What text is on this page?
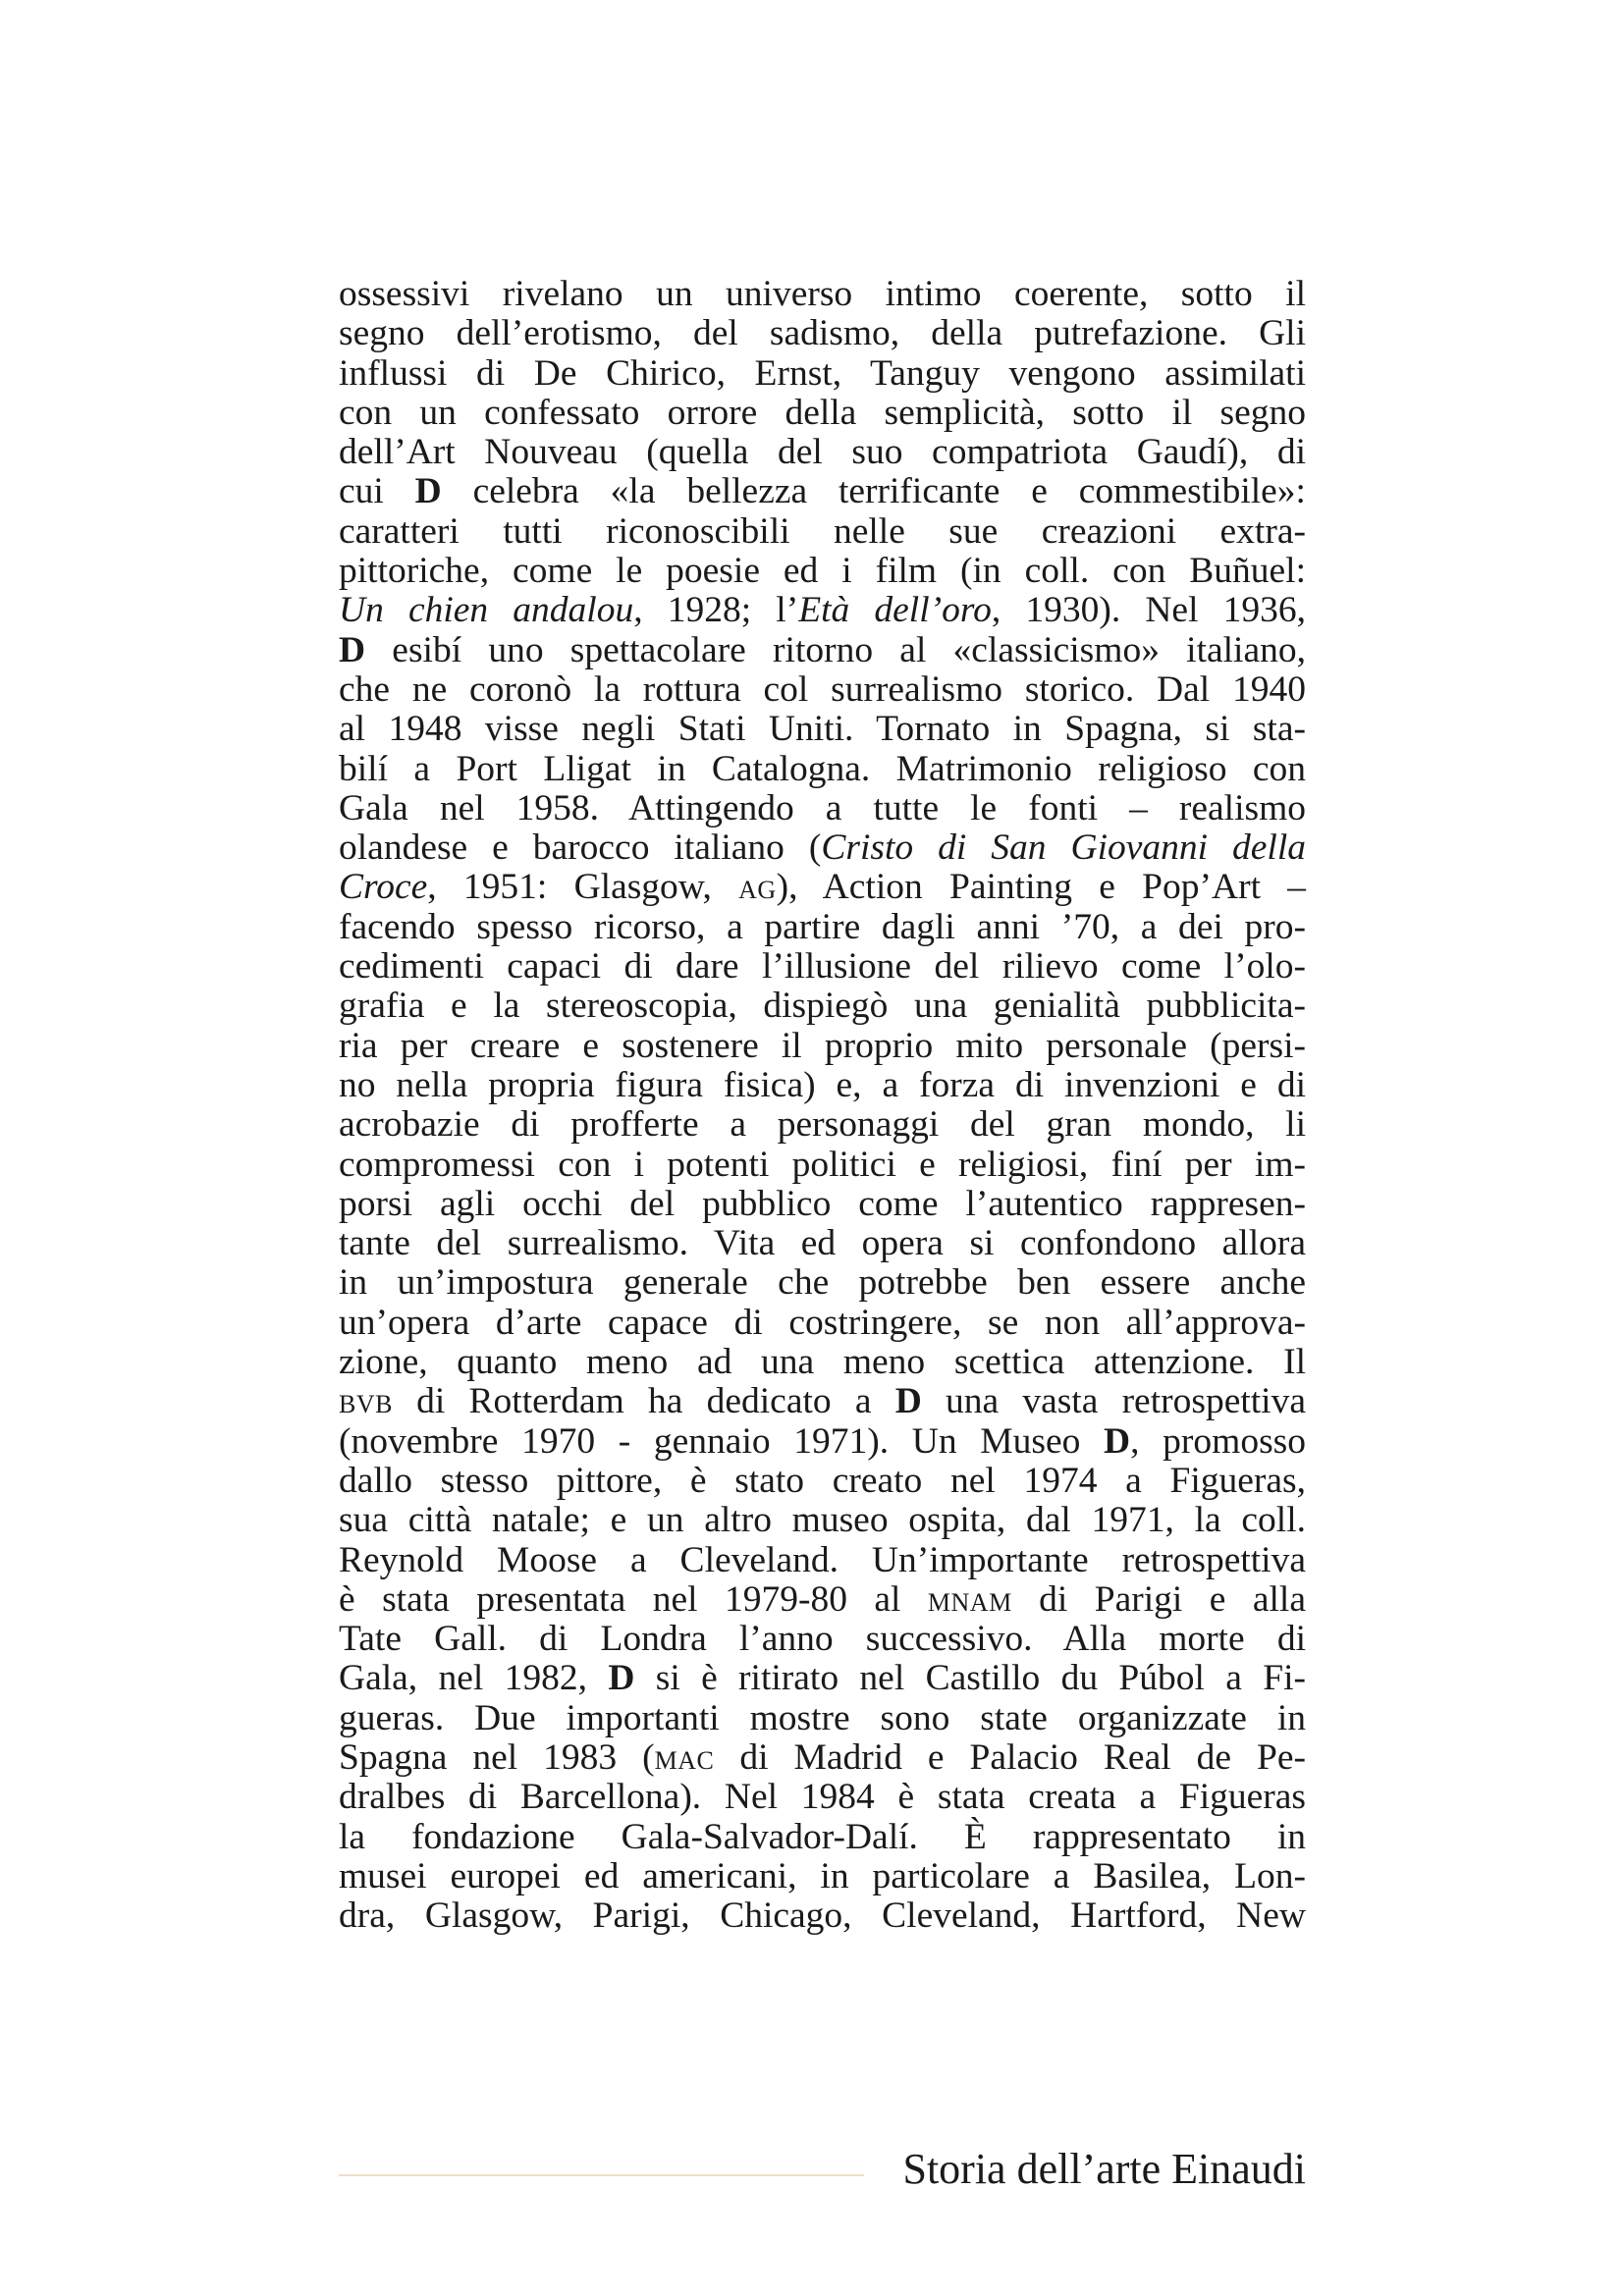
ossessivi rivelano un universo intimo coerente, sotto il
segno dell’erotismo, del sadismo, della putrefazione. Gli
influssi di De Chirico, Ernst, Tanguy vengono assimilati
con un confessato orrore della semplicità, sotto il segno
dell’Art Nouveau (quella del suo compatriota Gaudí), di
cui D celebra «la bellezza terrificante e commestibile»:
caratteri tutti riconoscibili nelle sue creazioni extra-
pittoriche, come le poesie ed i film (in coll. con Buñuel:
Un chien andalou, 1928; l’Età dell’oro, 1930). Nel 1936,
D esibí uno spettacolare ritorno al «classicismo» italiano,
che ne coronò la rottura col surrealismo storico. Dal 1940
al 1948 visse negli Stati Uniti. Tornato in Spagna, si sta-
bilí a Port Lligat in Catalogna. Matrimonio religioso con
Gala nel 1958. Attingendo a tutte le fonti – realismo
olandese e barocco italiano (Cristo di San Giovanni della
Croce, 1951: Glasgow, ag), Action Painting e Pop’Art –
facendo spesso ricorso, a partire dagli anni ’70, a dei pro-
cedimenti capaci di dare l’illusione del rilievo come l’olo-
grafia e la stereoscopia, dispiegò una genialità pubblicita-
ria per creare e sostenere il proprio mito personale (persi-
no nella propria figura fisica) e, a forza di invenzioni e di
acrobazie di profferte a personaggi del gran mondo, li
compromessi con i potenti politici e religiosi, finí per im-
porsi agli occhi del pubblico come l’autentico rappresen-
tante del surrealismo. Vita ed opera si confondono allora
in un’impostura generale che potrebbe ben essere anche
un’opera d’arte capace di costringere, se non all’approva-
zione, quanto meno ad una meno scettica attenzione. Il
bvb di Rotterdam ha dedicato a D una vasta retrospettiva
(novembre 1970 - gennaio 1971). Un Museo D, promosso
dallo stesso pittore, è stato creato nel 1974 a Figueras,
sua città natale; e un altro museo ospita, dal 1971, la coll.
Reynold Moose a Cleveland. Un’importante retrospettiva
è stata presentata nel 1979-80 al mnam di Parigi e alla
Tate Gall. di Londra l’anno successivo. Alla morte di
Gala, nel 1982, D si è ritirato nel Castillo du Púbol a Fi-
gueras. Due importanti mostre sono state organizzate in
Spagna nel 1983 (mac di Madrid e Palacio Real de Pe-
dralbes di Barcellona). Nel 1984 è stata creata a Figueras
la fondazione Gala-Salvador-Dalí. È rappresentato in
musei europei ed americani, in particolare a Basilea, Lon-
dra, Glasgow, Parigi, Chicago, Cleveland, Hartford, New
Storia dell’arte Einaudi
